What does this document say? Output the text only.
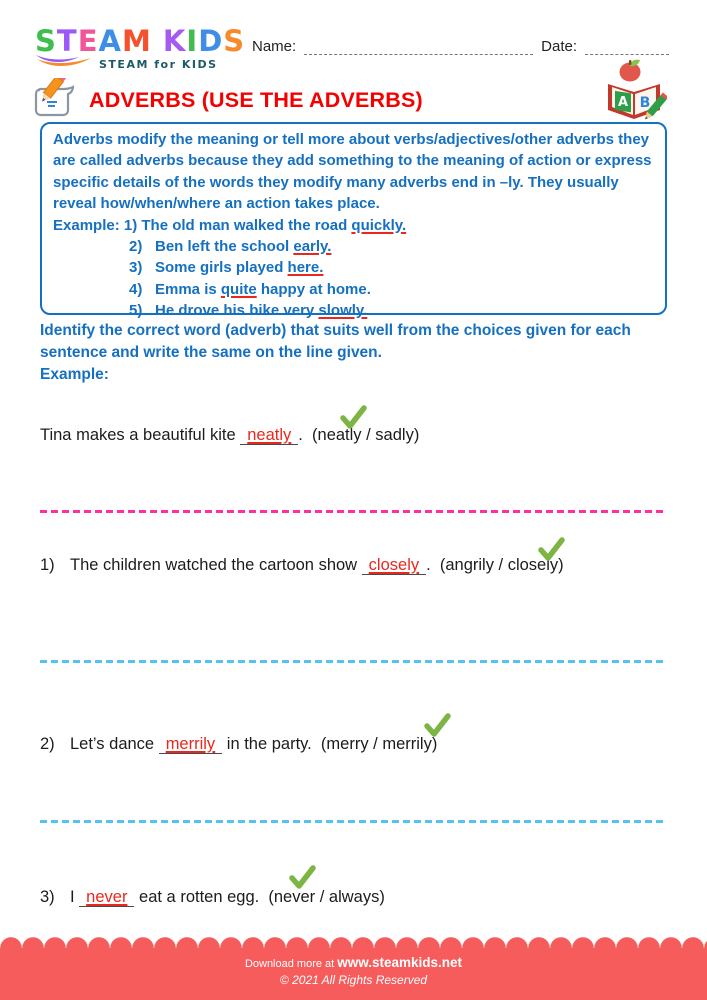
STEAM KIDS
STEAM for KIDS
Name:	Date:
A B
ADVERBS (USE THE ADVERBS)
Adverbs modify the meaning or tell more about verbs/adjectives/other adverbs they are called adverbs because they add something to the meaning of action or express specific details of the words they modify many adverbs end in –ly. They usually reveal how/when/where an action takes place.
Example: 1) The old man walked the road quickly.
2) Ben left the school early.
3) Some girls played here.
4) Emma is quite happy at home.
5) He drove his bike very slowly.
Identify the correct word (adverb) that suits well from the choices given for each sentence and write the same on the line given.
Example:
Tina makes a beautiful kite neatly .  (neatly / sadly)
1) The children watched the cartoon show closely .  (angrily / closely)
2) Let’s dance merrily in the party.  (merry / merrily)
3) I never eat a rotten egg.  (never / always)
Download more at www.steamkids.net
© 2021 All Rights Reserved
